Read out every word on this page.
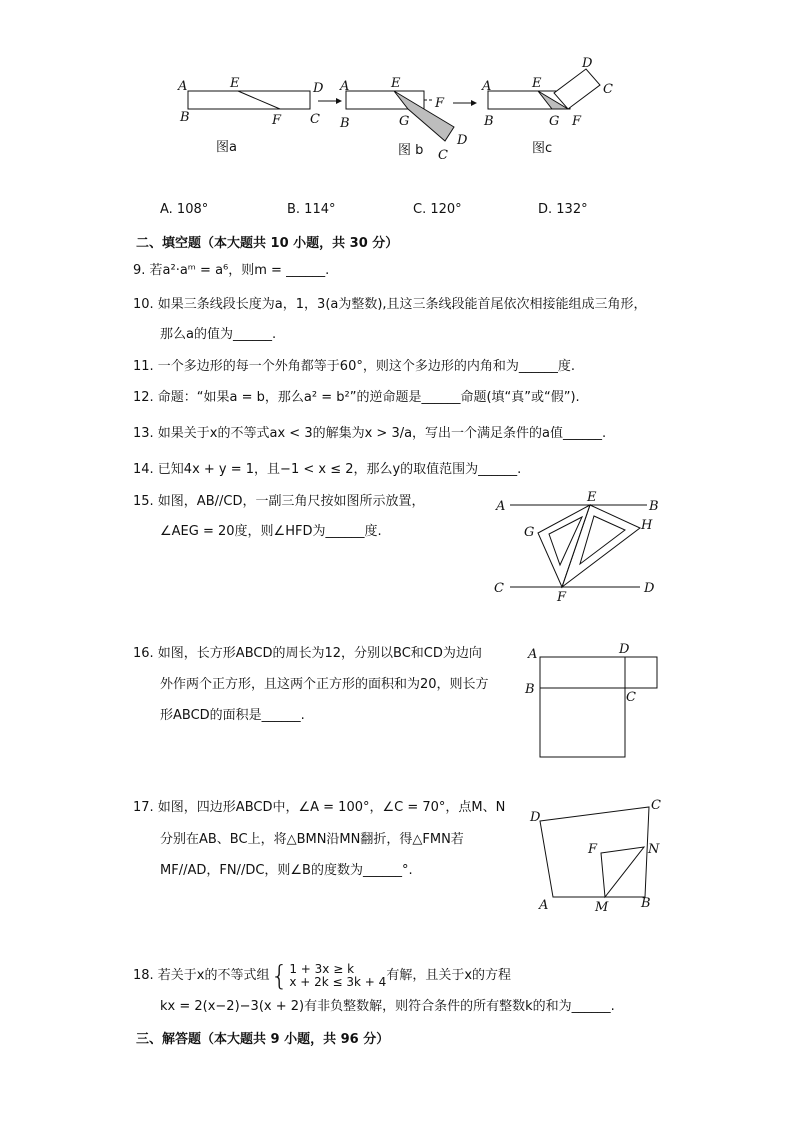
A	E	D
B	F C
图a
A	E
F
B	G
D
C
图 b
A	E
D
C
B	G F
图c
A. 108°	B. 114°	C. 120°	D. 132°
二、填空题（本大题共 10 小题，共 30 分）
9. 若a²·aᵐ = a⁶，则m = ______.
10. 如果三条线段长度为a，1，3(a为整数),且这三条线段能首尾依次相接能组成三角形，
那么a的值为______.
11. 一个多边形的每一个外角都等于60°，则这个多边形的内角和为______度.
12. 命题：“如果a = b，那么a² = b²”的逆命题是______命题(填“真”或“假”).
13. 如果关于x的不等式ax < 3的解集为x > 3/a，写出一个满足条件的a值______.
14. 已知4x + y = 1，且−1 < x ≤ 2，那么y的取值范围为______.
15. 如图，AB//CD，一副三角尺按如图所示放置，
∠AEG = 20度，则∠HFD为______度.
A
E
B
G	H
C
F
D
16. 如图，长方形ABCD的周长为12，分别以BC和CD为边向
外作两个正方形，且这两个正方形的面积和为20，则长方
形ABCD的面积是______.
A	D
B
C
17. 如图，四边形ABCD中，∠A = 100°，∠C = 70°，点M、N
分别在AB、BC上，将△BMN沿MN翻折，得△FMN若
MF//AD，FN//DC，则∠B的度数为______°.
C
D
F	N
A	M	B
18. 若关于x的不等式组 { 1 + 3x ≥ k
x + 2k ≤ 3k + 4 有解，且关于x的方程
kx = 2(x−2)−3(x + 2)有非负整数解，则符合条件的所有整数k的和为______.
三、解答题（本大题共 9 小题，共 96 分）
